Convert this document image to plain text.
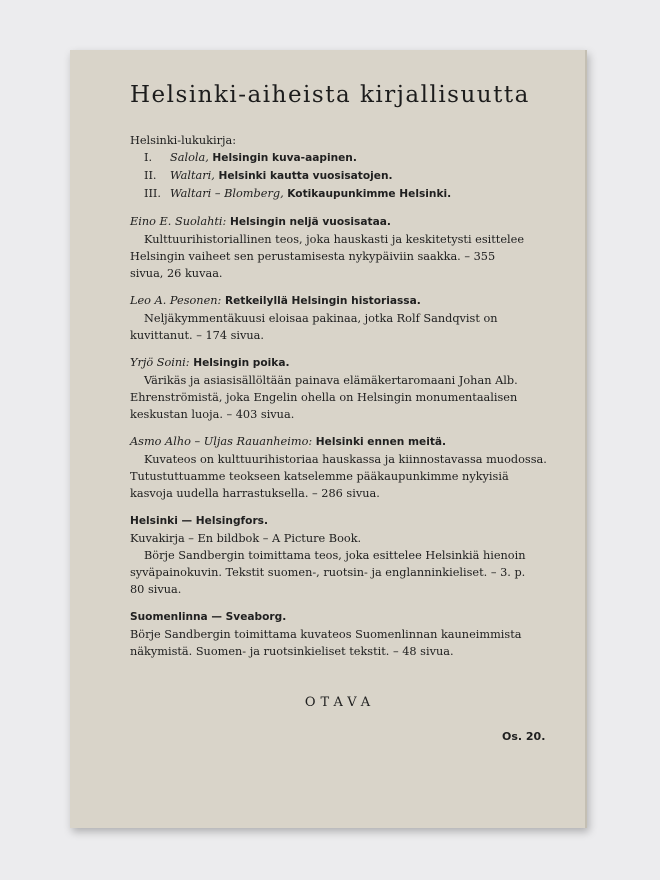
Helsinki-aiheista kirjallisuutta
Helsinki-lukukirja:
I. Salola, Helsingin kuva-aapinen.
II. Waltari, Helsinki kautta vuosisatojen.
III. Waltari – Blomberg, Kotikaupunkimme Helsinki.
Eino E. Suolahti: Helsingin neljä vuosisataa.
Kulttuurihistoriallinen teos, joka hauskasti ja keskitetysti esittelee
Helsingin vaiheet sen perustamisesta nykypäiviin saakka. – 355
sivua, 26 kuvaa.
Leo A. Pesonen: Retkeilyllä Helsingin historiassa.
Neljäkymmentäkuusi eloisaa pakinaa, jotka Rolf Sandqvist on
kuvittanut. – 174 sivua.
Yrjö Soini: Helsingin poika.
Värikäs ja asiasisällöltään painava elämäkertaromaani Johan Alb.
Ehrenströmistä, joka Engelin ohella on Helsingin monumentaalisen
keskustan luoja. – 403 sivua.
Asmo Alho – Uljas Rauanheimo: Helsinki ennen meitä.
Kuvateos on kulttuurihistoriaa hauskassa ja kiinnostavassa muodossa.
Tutustuttuamme teokseen katselemme pääkaupunkimme nykyisiä
kasvoja uudella harrastuksella. – 286 sivua.
Helsinki — Helsingfors.
Kuvakirja – En bildbok – A Picture Book.
Börje Sandbergin toimittama teos, joka esittelee Helsinkiä hienoin
syväpainokuvin. Tekstit suomen-, ruotsin- ja englanninkieliset. – 3. p.
80 sivua.
Suomenlinna — Sveaborg.
Börje Sandbergin toimittama kuvateos Suomenlinnan kauneimmista
näkymistä. Suomen- ja ruotsinkieliset tekstit. – 48 sivua.
OTAVA
Os. 20.
